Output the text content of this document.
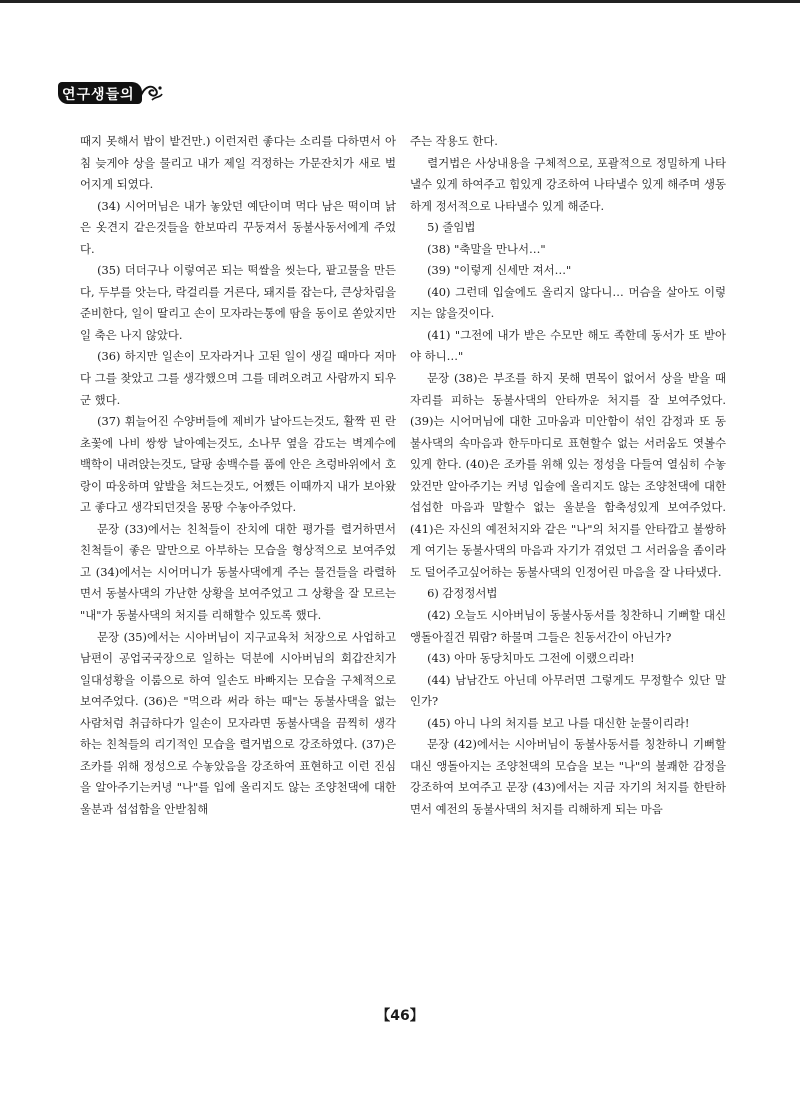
연구생들의

때지 못해서 밥이 밭건만.) 이런저런 좋다는 소리를 다하면서 아침 늦게야 상을 물리고 내가 제일 걱정하는 가문잔치가 새로 벌어지게 되였다.

(34) 시어머님은 내가 놓았던 예단이며 먹다 남은 떡이며 낡은 옷견지 같은것들을 한보따리 꾸둥져서 동불사동서에게 주었다.

(35) 더더구나 이렇여곤 되는 떡쌀을 씻는다, 팥고물을 만든다, 두부를 앗는다, 락걸리를 거른다, 돼지를 잡는다, 큰상차림을 준비한다, 일이 딸리고 손이 모자라는통에 땀을 동이로 쏟았지만 일 축은 나지 않았다.

(36) 하지만 일손이 모자라거나 고된 일이 생길 때마다 저마다 그를 찾았고 그를 생각했으며 그를 데려오려고 사람까지 되우군 했다.

(37) 휘늘어진 수양버들에 제비가 날아드는것도, 활짝 핀 란초꽃에 나비 쌍쌍 날아예는것도, 소나무 옆을 감도는 벽계수에 백학이 내려앉는것도, 달팡 송백수를 품에 안은 츠렁바위에서 호랑이 따웅하며 앞발을 쳐드는것도, 어쨌든 이때까지 내가 보아왔고 좋다고 생각되던것을 몽땅 수놓아주었다.

문장 (33)에서는 친척들이 잔치에 대한 평가를 렬거하면서 친척들이 좋은 말만으로 아부하는 모습을 형상적으로 보여주었고 (34)에서는 시어머니가 동불사댁에게 주는 물건들을 라렬하면서 동불사댁의 가난한 상황을 보여주었고 그 상황을 잘 모르는 "내"가 동불사댁의 처지를 리해할수 있도록 했다.

문장 (35)에서는 시아버님이 지구교육처 처장으로 사업하고 남편이 공업국국장으로 일하는 덕분에 시아버님의 회갑잔치가 일대성황을 이룸으로 하여 일손도 바빠지는 모습을 구체적으로 보여주었다. (36)은 "먹으라 써라 하는 때"는 동불사댁을 없는 사람처럼 취급하다가 일손이 모자라면 동불사댁을 끔찍히 생각하는 친척들의 리기적인 모습을 렬거법으로 강조하였다. (37)은 조카를 위해 정성으로 수놓았음을 강조하여 표현하고 이런 진심을 알아주기는커녕 "나"를 입에 올리지도 않는 조양천댁에 대한 울분과 섭섭함을 안받침해

주는 작용도 한다.

렬거법은 사상내용을 구체적으로, 포괄적으로 정밀하게 나타낼수 있게 하여주고 힘있게 강조하여 나타낼수 있게 해주며 생동하게 정서적으로 나타낼수 있게 해준다.

5) 줄임법

(38) "축말을 만나서…"

(39) "이렇게 신세만 져서…"

(40) 그런데 입술에도 올리지 않다니… 머슴을 살아도 이렇지는 않을것이다.

(41) "그전에 내가 받은 수모만 해도 족한데 동서가 또 받아야 하니…"

문장 (38)은 부조를 하지 못해 면목이 없어서 상을 받을 때 자리를 피하는 동불사댁의 안타까운 처지를 잘 보여주었다. (39)는 시어머님에 대한 고마움과 미안함이 섞인 감정과 또 동불사댁의 속마음과 한두마디로 표현할수 없는 서러움도 엿볼수 있게 한다. (40)은 조카를 위해 있는 정성을 다들여 열심히 수놓았건만 알아주기는 커녕 입술에 올리지도 않는 조양천댁에 대한 섭섭한 마음과 말할수 없는 울분을 함축성있게 보여주었다. (41)은 자신의 예전처지와 같은 "나"의 처지를 안타깝고 불쌍하게 여기는 동불사댁의 마음과 자기가 겪었던 그 서러움을 좀이라도 덜어주고싶어하는 동불사댁의 인정어린 마음을 잘 나타냈다.

6) 감정정서법

(42) 오늘도 시아버님이 동불사동서를 칭찬하니 기뻐할 대신 앵돌아질건 뭐람? 하물며 그들은 친동서간이 아닌가?

(43) 아마 동당치마도 그전에 이랬으리라!

(44) 남남간도 아닌데 아무러면 그렇게도 무정할수 있단 말인가?

(45) 아니 나의 처지를 보고 나를 대신한 눈물이리라!

문장 (42)에서는 시아버님이 동불사동서를 칭찬하니 기뻐할 대신 앵돌아지는 조양천댁의 모습을 보는 "나"의 불쾌한 감정을 강조하여 보여주고 문장 (43)에서는 지금 자기의 처지를 한탄하면서 예전의 동불사댁의 처지를 리해하게 되는 마음

【46】
